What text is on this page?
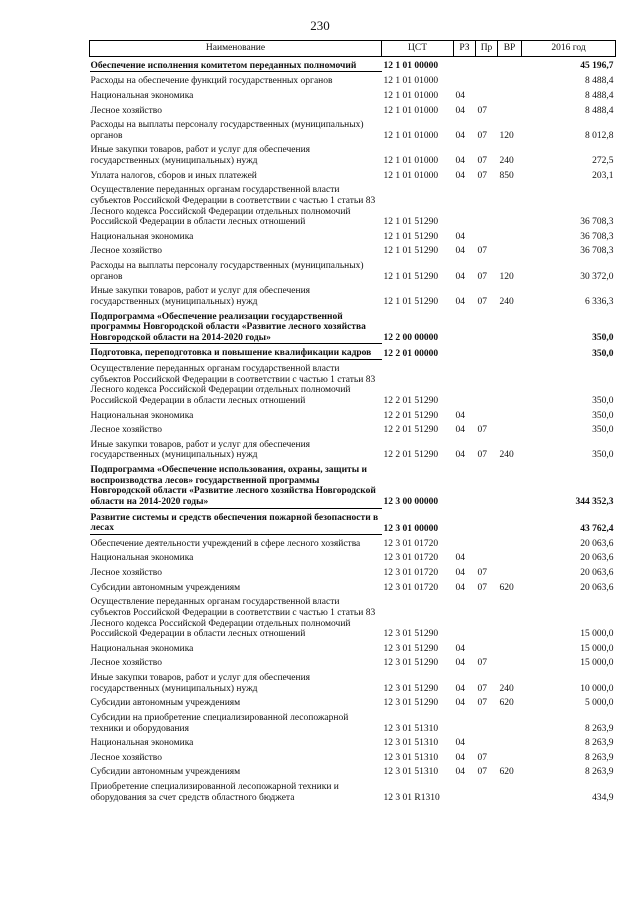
230
Наименование	ЦСТ	РЗ	Пр	ВР	2016 год
Обеспечение исполнения комитетом переданных полномочий	12 1 01 00000				45 196,7
Расходы на обеспечение функций государственных органов	12 1 01 01000				8 488,4
Национальная экономика	12 1 01 01000	04			8 488,4
Лесное хозяйство	12 1 01 01000	04	07		8 488,4
Расходы на выплаты персоналу государственных (муниципальных) органов	12 1 01 01000	04	07	120	8 012,8
Иные закупки товаров, работ и услуг для обеспечения государственных (муниципальных) нужд	12 1 01 01000	04	07	240	272,5
Уплата налогов, сборов и иных платежей	12 1 01 01000	04	07	850	203,1
Осуществление переданных органам государственной власти субъектов Российской Федерации в соответствии с частью 1 статьи 83 Лесного кодекса Российской Федерации отдельных полномочий Российской Федерации в области лесных отношений	12 1 01 51290				36 708,3
Национальная экономика	12 1 01 51290	04			36 708,3
Лесное хозяйство	12 1 01 51290	04	07		36 708,3
Расходы на выплаты персоналу государственных (муниципальных) органов	12 1 01 51290	04	07	120	30 372,0
Иные закупки товаров, работ и услуг для обеспечения государственных (муниципальных) нужд	12 1 01 51290	04	07	240	6 336,3
Подпрограмма «Обеспечение реализации государственной программы Новгородской области «Развитие лесного хозяйства Новгородской области на 2014-2020 годы»	12 2 00 00000				350,0
Подготовка, переподготовка и повышение квалификации кадров	12 2 01 00000				350,0
Осуществление переданных органам государственной власти субъектов Российской Федерации в соответствии с частью 1 статьи 83 Лесного кодекса Российской Федерации отдельных полномочий Российской Федерации в области лесных отношений	12 2 01 51290				350,0
Национальная экономика	12 2 01 51290	04			350,0
Лесное хозяйство	12 2 01 51290	04	07		350,0
Иные закупки товаров, работ и услуг для обеспечения государственных (муниципальных) нужд	12 2 01 51290	04	07	240	350,0
Подпрограмма «Обеспечение использования, охраны, защиты и воспроизводства лесов» государственной программы Новгородской области «Развитие лесного хозяйства Новгородской области на 2014-2020 годы»	12 3 00 00000				344 352,3
Развитие системы и средств обеспечения пожарной безопасности в лесах	12 3 01 00000				43 762,4
Обеспечение деятельности учреждений в сфере лесного хозяйства	12 3 01 01720				20 063,6
Национальная экономика	12 3 01 01720	04			20 063,6
Лесное хозяйство	12 3 01 01720	04	07		20 063,6
Субсидии автономным учреждениям	12 3 01 01720	04	07	620	20 063,6
Осуществление переданных органам государственной власти субъектов Российской Федерации в соответствии с частью 1 статьи 83 Лесного кодекса Российской Федерации отдельных полномочий Российской Федерации в области лесных отношений	12 3 01 51290				15 000,0
Национальная экономика	12 3 01 51290	04			15 000,0
Лесное хозяйство	12 3 01 51290	04	07		15 000,0
Иные закупки товаров, работ и услуг для обеспечения государственных (муниципальных) нужд	12 3 01 51290	04	07	240	10 000,0
Субсидии автономным учреждениям	12 3 01 51290	04	07	620	5 000,0
Субсидии на приобретение специализированной лесопожарной техники и оборудования	12 3 01 51310				8 263,9
Национальная экономика	12 3 01 51310	04			8 263,9
Лесное хозяйство	12 3 01 51310	04	07		8 263,9
Субсидии автономным учреждениям	12 3 01 51310	04	07	620	8 263,9
Приобретение специализированной лесопожарной техники и оборудования за счет средств областного бюджета	12 3 01 R1310				434,9
